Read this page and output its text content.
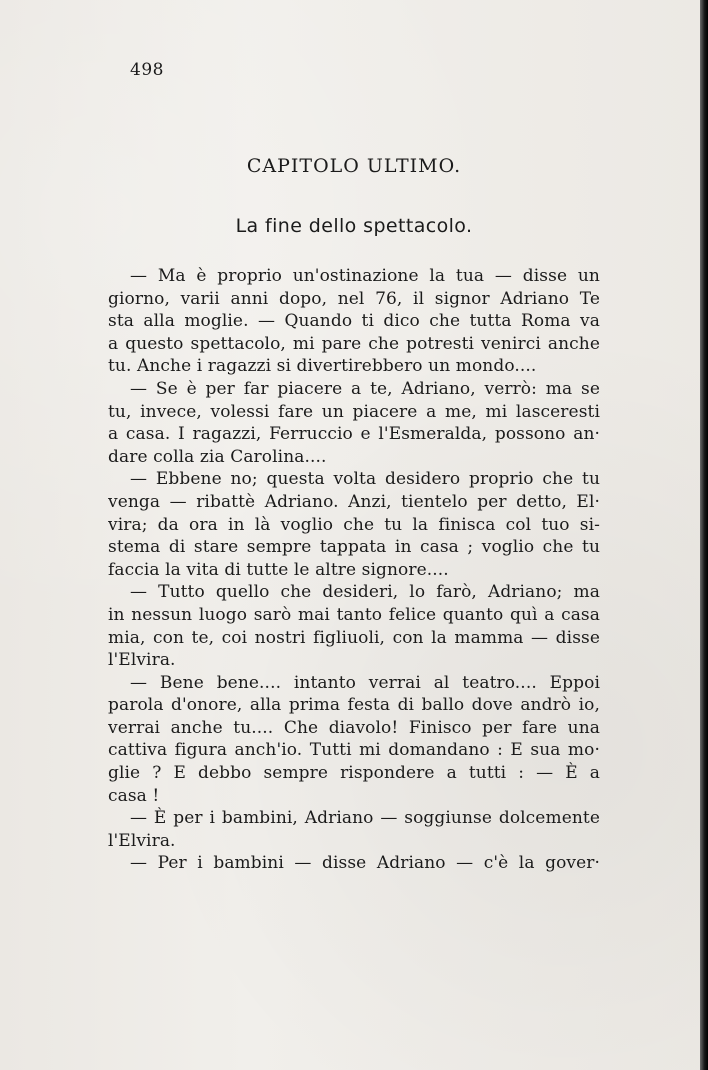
498
CAPITOLO ULTIMO.
La fine dello spettacolo.
— Ma è proprio un'ostinazione la tua — disse un
giorno, varii anni dopo, nel 76, il signor Adriano Te
sta alla moglie. — Quando ti dico che tutta Roma va
a questo spettacolo, mi pare che potresti venirci anche
tu. Anche i ragazzi si divertirebbero un mondo....
— Se è per far piacere a te, Adriano, verrò: ma se
tu, invece, volessi fare un piacere a me, mi lasceresti
a casa. I ragazzi, Ferruccio e l'Esmeralda, possono an·
dare colla zia Carolina....
— Ebbene no; questa volta desidero proprio che tu
venga — ribattè Adriano. Anzi, tientelo per detto, El·
vira; da ora in là voglio che tu la finisca col tuo si-
stema di stare sempre tappata in casa ; voglio che tu
faccia la vita di tutte le altre signore....
— Tutto quello che desideri, lo farò, Adriano; ma
in nessun luogo sarò mai tanto felice quanto quì a casa
mia, con te, coi nostri figliuoli, con la mamma — disse
l'Elvira.
— Bene bene.... intanto verrai al teatro.... Eppoi
parola d'onore, alla prima festa di ballo dove andrò io,
verrai anche tu.... Che diavolo! Finisco per fare una
cattiva figura anch'io. Tutti mi domandano : E sua mo·
glie ? E debbo sempre rispondere a tutti : — È a
casa !
— È per i bambini, Adriano — soggiunse dolcemente
l'Elvira.
— Per i bambini — disse Adriano — c'è la gover·
